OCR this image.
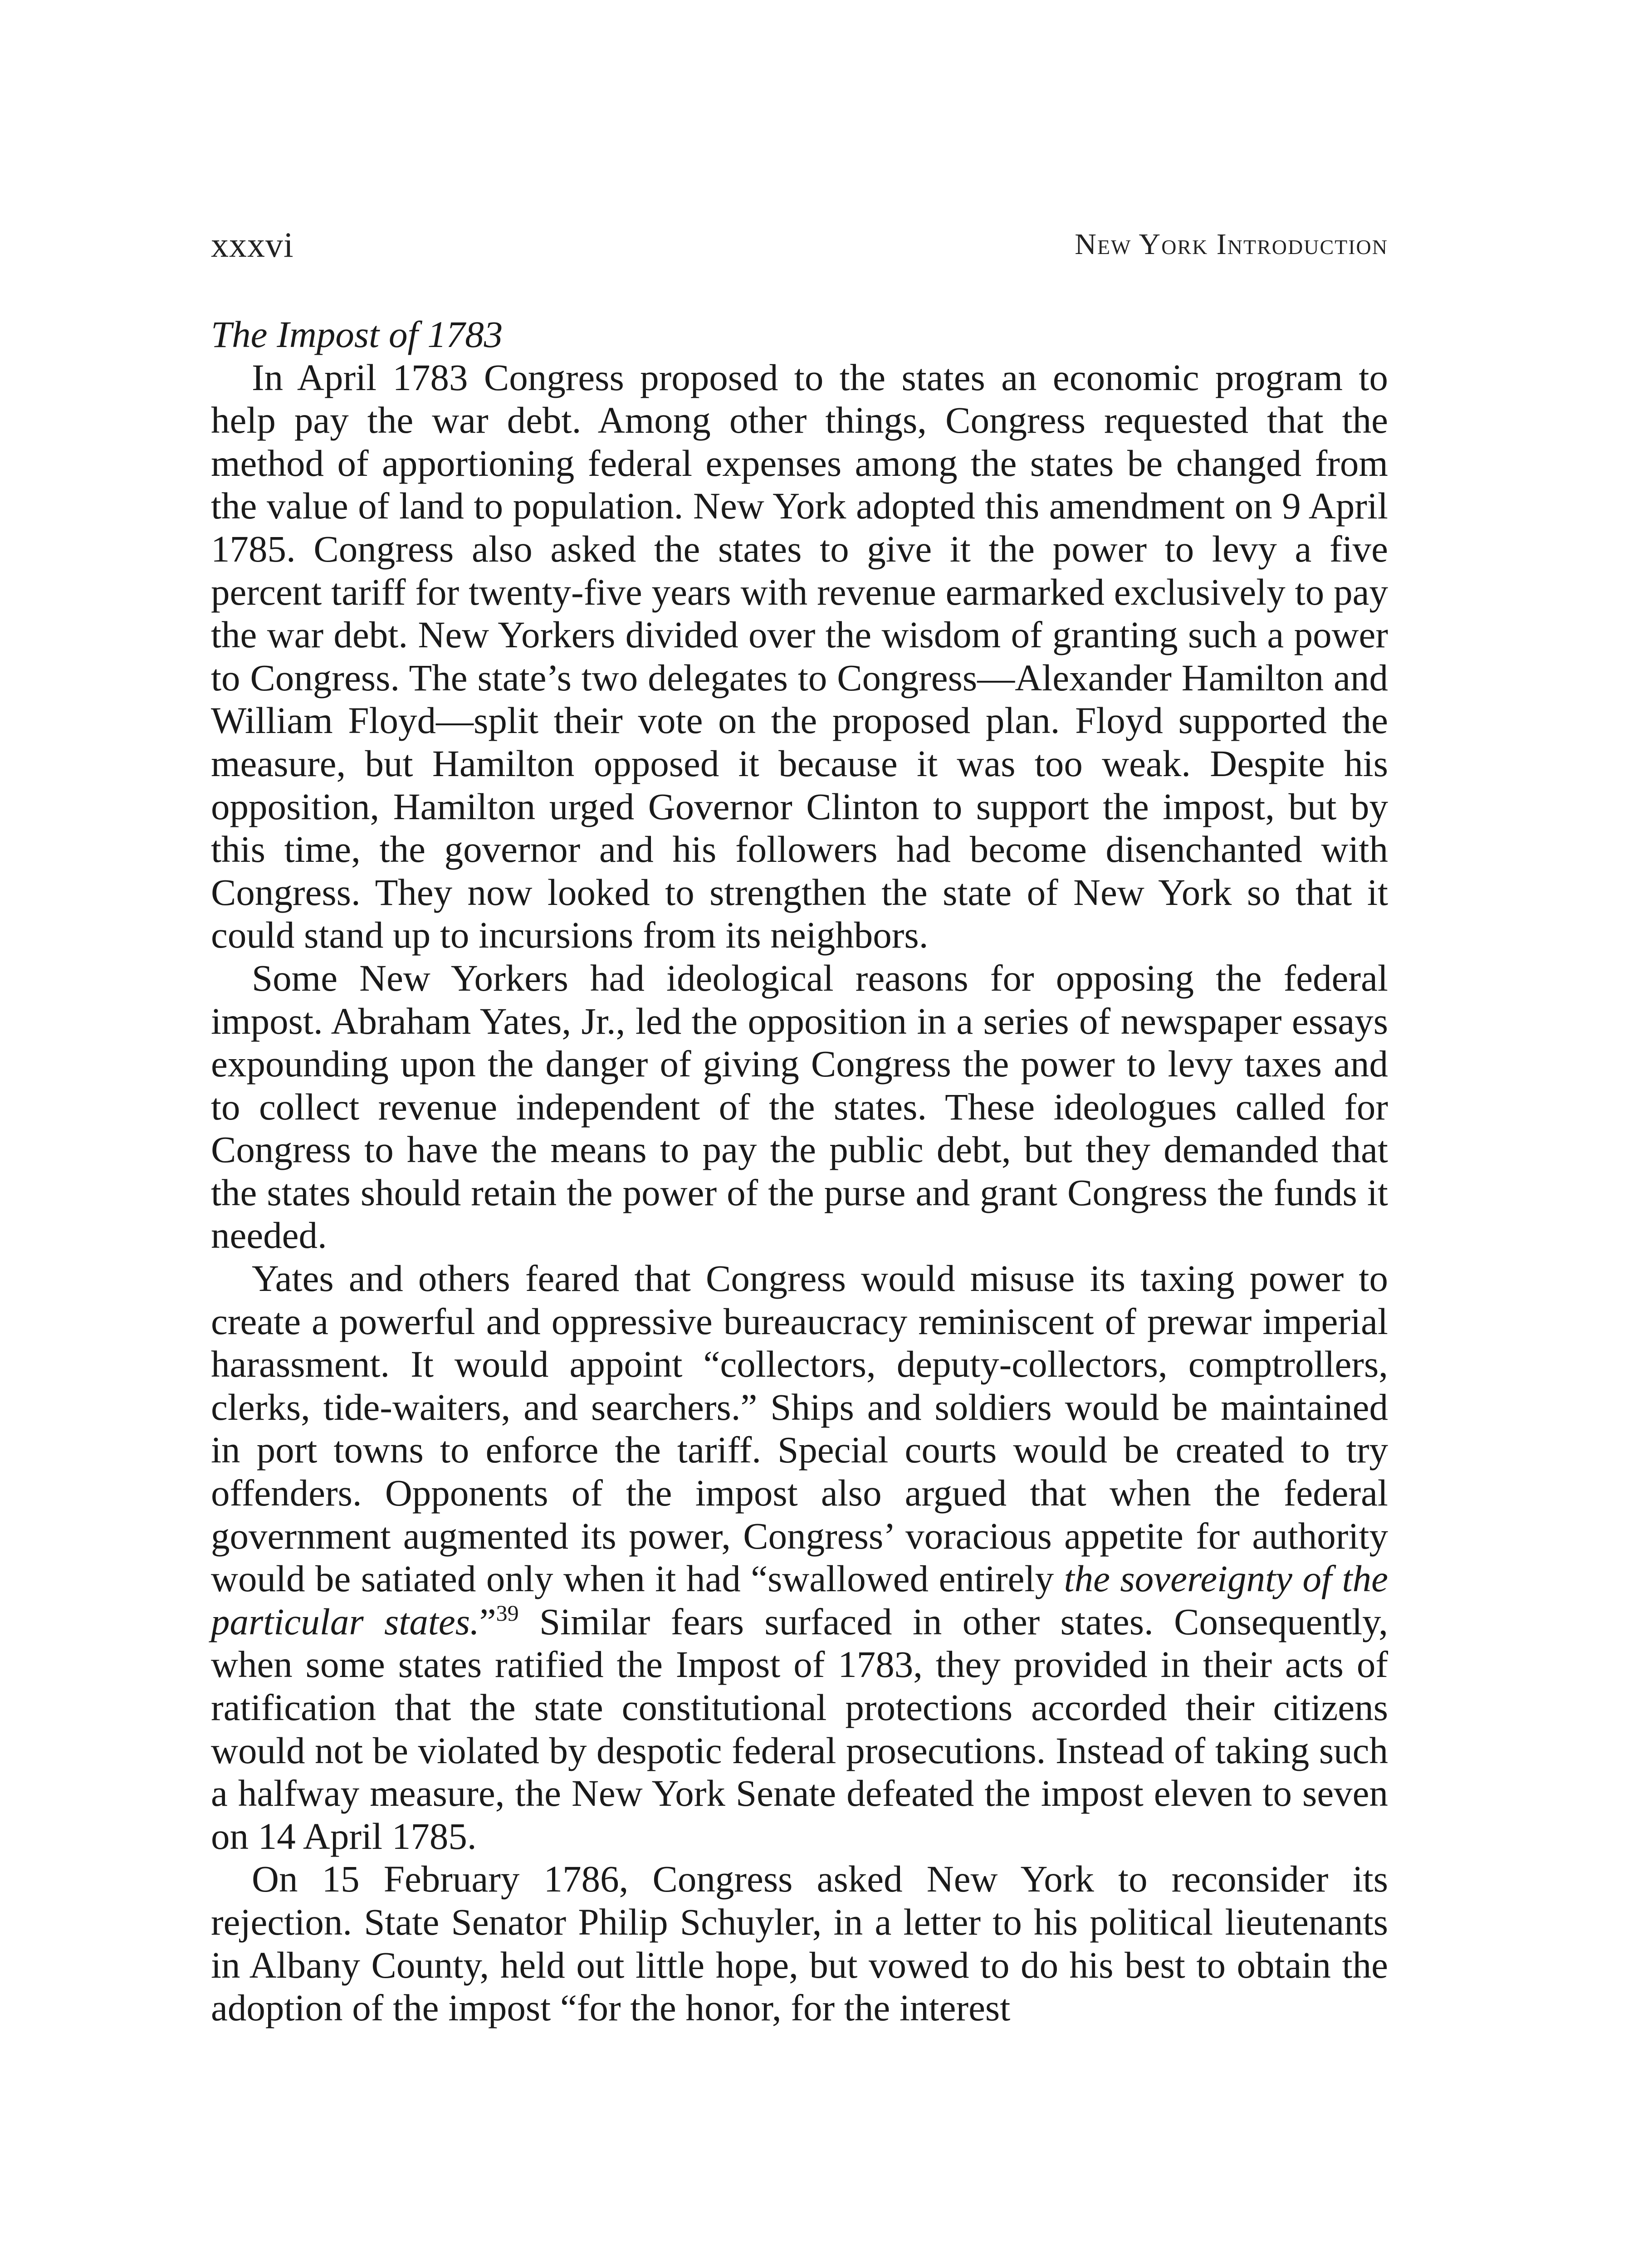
xxxvi	New York Introduction

The Impost of 1783

In April 1783 Congress proposed to the states an economic program to help pay the war debt. Among other things, Congress requested that the method of apportioning federal expenses among the states be changed from the value of land to population. New York adopted this amendment on 9 April 1785. Congress also asked the states to give it the power to levy a five percent tariff for twenty-five years with revenue earmarked exclusively to pay the war debt. New Yorkers divided over the wisdom of granting such a power to Congress. The state’s two delegates to Congress—Alexander Hamilton and William Floyd—split their vote on the proposed plan. Floyd supported the measure, but Hamilton opposed it because it was too weak. Despite his opposition, Hamilton urged Governor Clinton to support the impost, but by this time, the governor and his followers had become disenchanted with Congress. They now looked to strengthen the state of New York so that it could stand up to incursions from its neighbors.

Some New Yorkers had ideological reasons for opposing the federal impost. Abraham Yates, Jr., led the opposition in a series of newspaper essays expounding upon the danger of giving Congress the power to levy taxes and to collect revenue independent of the states. These ideologues called for Congress to have the means to pay the public debt, but they demanded that the states should retain the power of the purse and grant Congress the funds it needed.

Yates and others feared that Congress would misuse its taxing power to create a powerful and oppressive bureaucracy reminiscent of prewar imperial harassment. It would appoint “collectors, deputy-collectors, comptrollers, clerks, tide-waiters, and searchers.” Ships and soldiers would be maintained in port towns to enforce the tariff. Special courts would be created to try offenders. Opponents of the impost also argued that when the federal government augmented its power, Congress’ voracious appetite for authority would be satiated only when it had “swallowed entirely the sovereignty of the particular states.”$^{39}$ Similar fears surfaced in other states. Consequently, when some states ratified the Impost of 1783, they provided in their acts of ratification that the state constitutional protections accorded their citizens would not be violated by despotic federal prosecutions. Instead of taking such a halfway measure, the New York Senate defeated the impost eleven to seven on 14 April 1785.

On 15 February 1786, Congress asked New York to reconsider its rejection. State Senator Philip Schuyler, in a letter to his political lieutenants in Albany County, held out little hope, but vowed to do his best to obtain the adoption of the impost “for the honor, for the interest
